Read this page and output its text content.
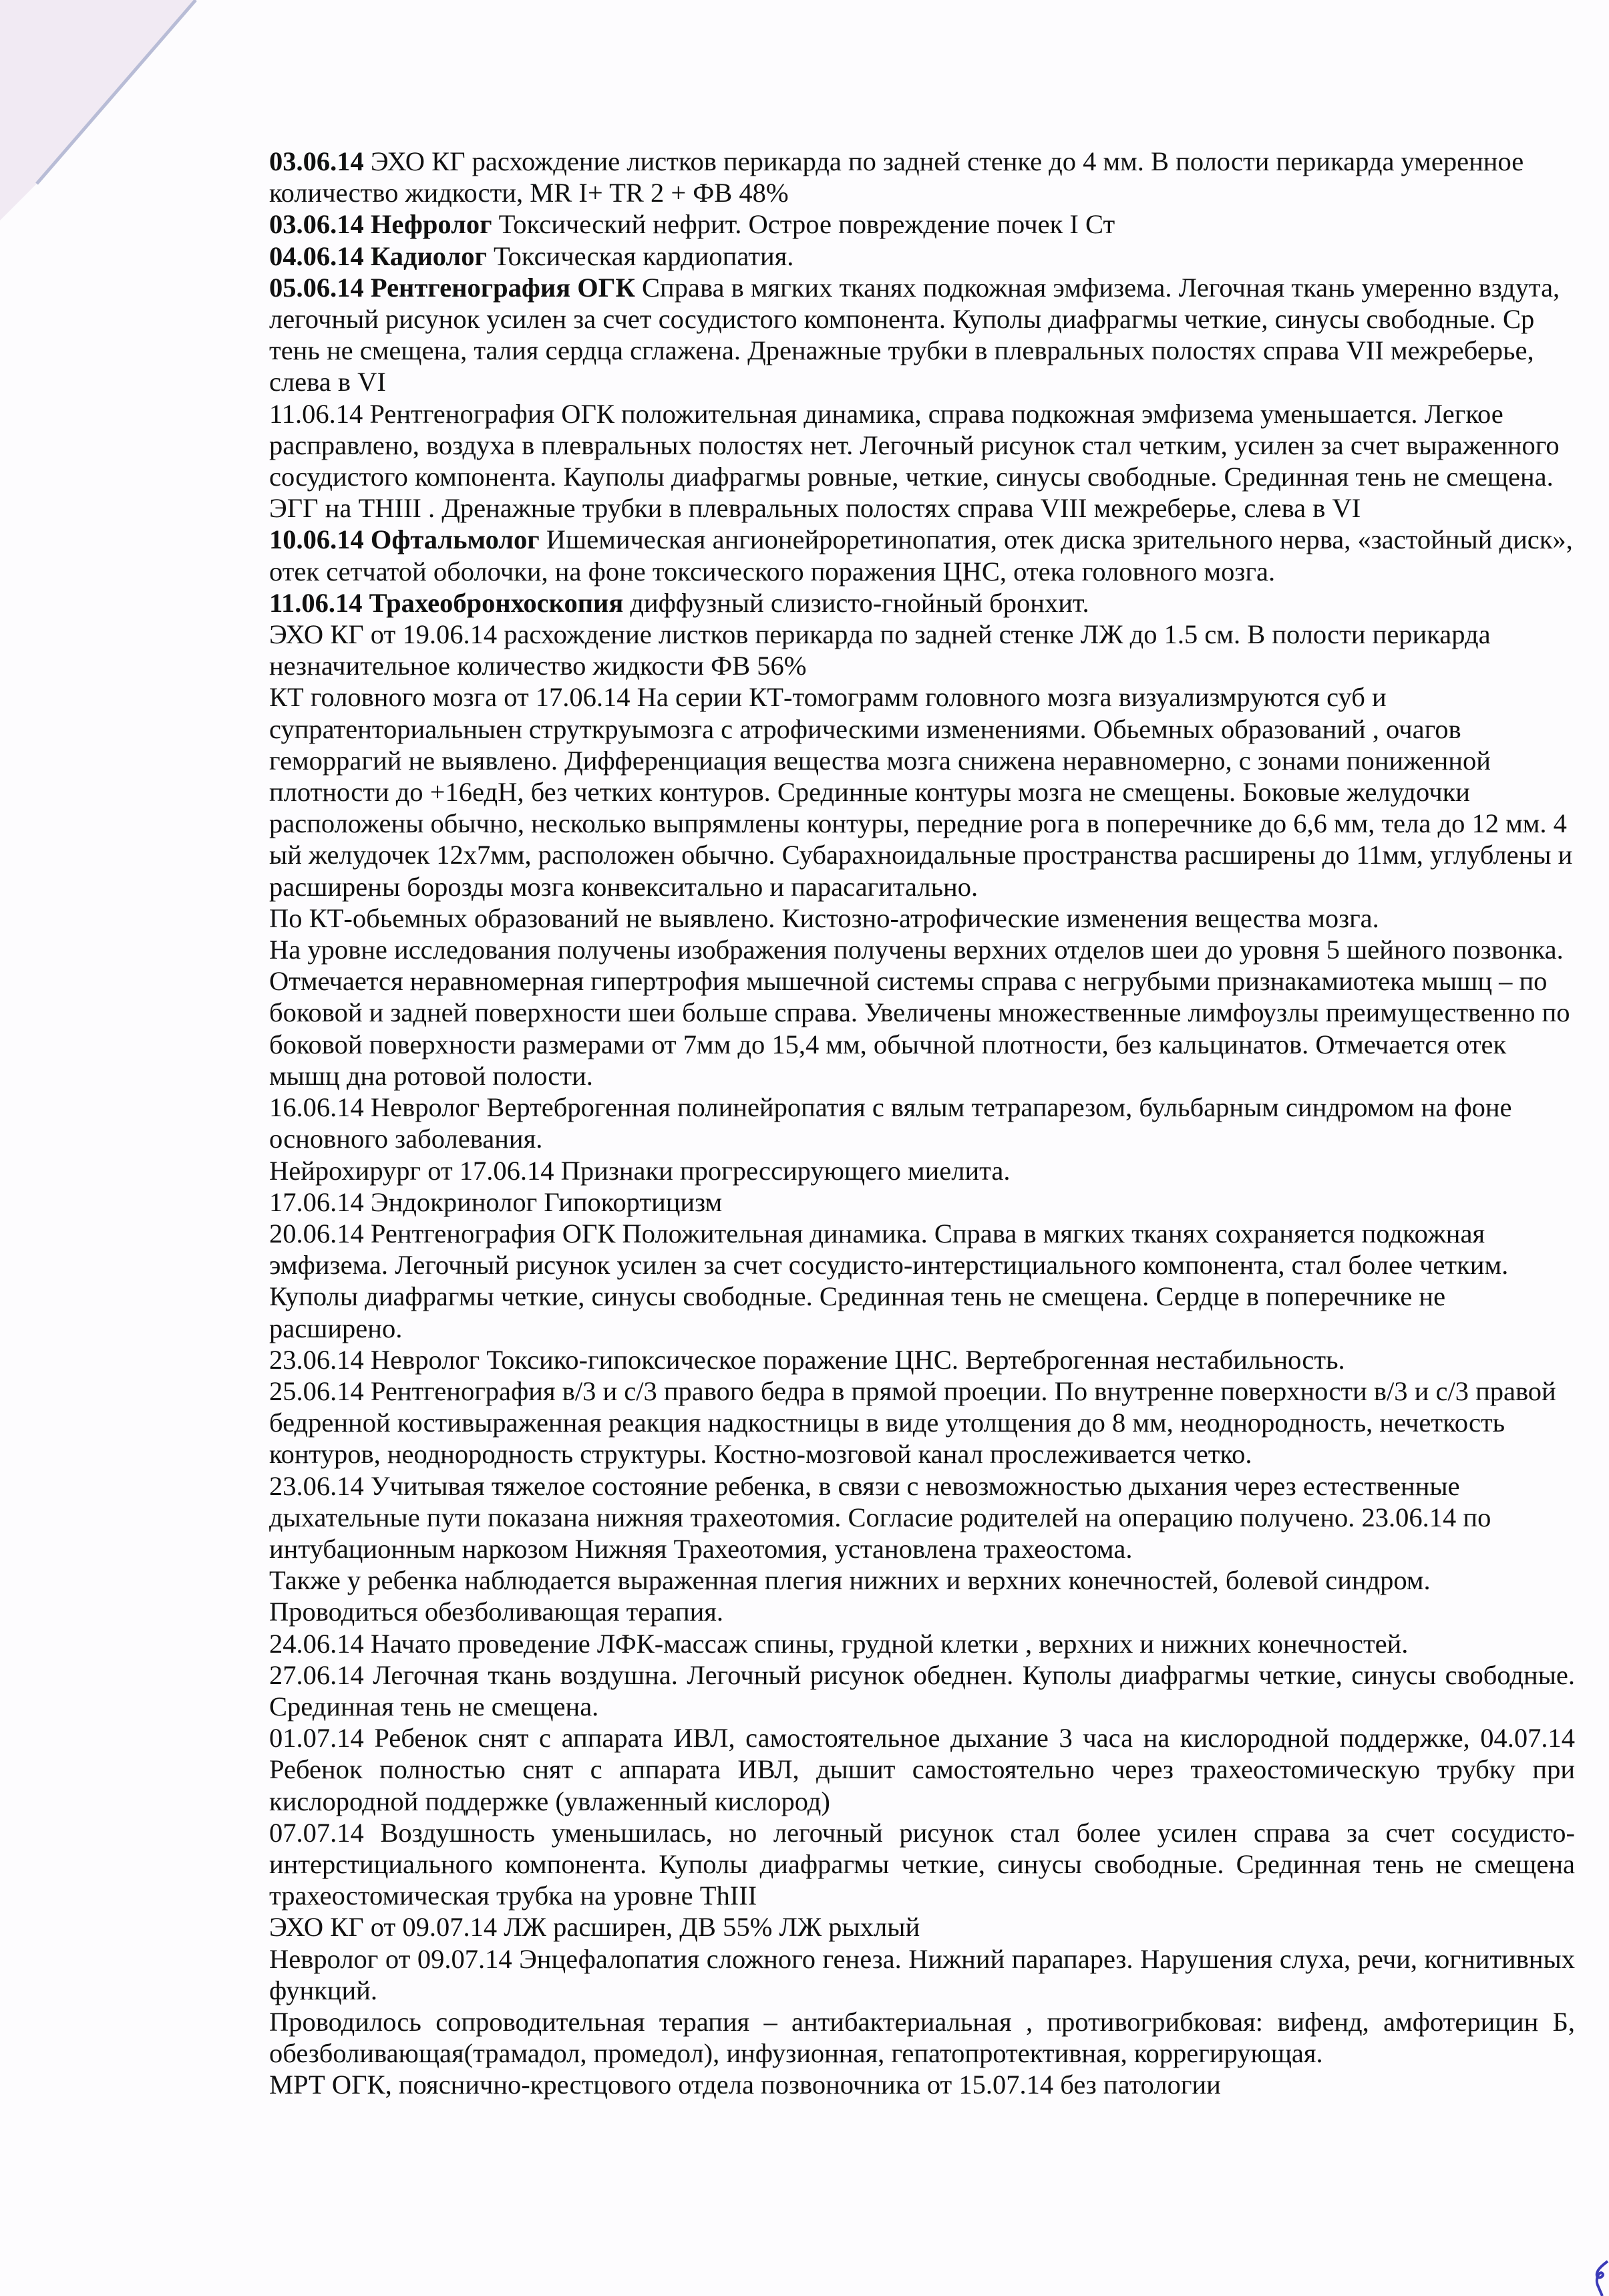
03.06.14 ЭХО КГ расхождение листков перикарда по задней стенке до 4 мм. В полости перикарда умеренное количество жидкости, MR I+ TR 2 + ФВ 48%

03.06.14 Нефролог Токсический нефрит. Острое повреждение почек I Ст

04.06.14 Кадиолог Токсическая кардиопатия.

05.06.14 Рентгенография ОГК Справа в мягких тканях подкожная эмфизема. Легочная ткань умеренно вздута, легочный рисунок усилен за счет сосудистого компонента. Куполы диафрагмы четкие, синусы свободные. Ср тень не смещена, талия сердца сглажена. Дренажные трубки в плевральных полостях справа VII межреберье, слева в VI

11.06.14 Рентгенография ОГК положительная динамика, справа подкожная эмфизема уменьшается. Легкое расправлено, воздуха в плевральных полостях нет. Легочный рисунок стал четким, усилен за счет выраженного сосудистого компонента. Кауполы диафрагмы ровные, четкие, синусы свободные. Срединная тень не смещена. ЭГГ на ТНIII . Дренажные трубки в плевральных полостях справа VIII межреберье, слева в VI

10.06.14 Офтальмолог Ишемическая ангионейроретинопатия, отек диска зрительного нерва, «застойный диск», отек сетчатой оболочки, на фоне токсического поражения ЦНС, отека головного мозга.

11.06.14 Трахеобронхоскопия диффузный слизисто-гнойный бронхит.

ЭХО КГ от 19.06.14 расхождение листков перикарда по задней стенке ЛЖ до 1.5 см. В полости перикарда незначительное количество жидкости ФВ 56%

КТ головного мозга от 17.06.14 На серии КТ-томограмм головного мозга визуализмруются суб и супратенториальныен струткруымозга с атрофическими изменениями. Обьемных образований , очагов геморрагий не выявлено. Дифференциация вещества мозга снижена неравномерно, с зонами пониженной плотности до +16едН, без четких контуров. Срединные контуры мозга не смещены. Боковые желудочки расположены обычно, несколько выпрямлены контуры, передние рога в поперечнике до 6,6 мм, тела до 12 мм. 4 ый желудочек 12х7мм, расположен обычно. Субарахноидальные пространства расширены до 11мм, углублены и расширены борозды мозга конвекситально и парасагитально.

По КТ-обьемных образований не выявлено. Кистозно-атрофические изменения вещества мозга.

На уровне исследования получены изображения получены верхних отделов шеи до уровня 5 шейного позвонка. Отмечается неравномерная гипертрофия мышечной системы справа с негрубыми признакамиотека мышц – по боковой и задней поверхности шеи больше справа. Увеличены множественные лимфоузлы преимущественно по боковой поверхности размерами от 7мм до 15,4 мм, обычной плотности, без кальцинатов. Отмечается отек мышц дна ротовой полости.

16.06.14 Невролог Вертеброгенная полинейропатия с вялым тетрапарезом, бульбарным синдромом на фоне основного заболевания.

Нейрохирург от 17.06.14 Признаки прогрессирующего миелита.

17.06.14 Эндокринолог Гипокортицизм

20.06.14 Рентгенография ОГК Положительная динамика. Справа в мягких тканях сохраняется подкожная эмфизема. Легочный рисунок усилен за счет сосудисто-интерстициального компонента, стал более четким. Куполы диафрагмы четкие, синусы свободные. Срединная тень не смещена. Сердце в поперечнике не расширено.

23.06.14 Невролог Токсико-гипоксическое поражение ЦНС. Вертеброгенная нестабильность.

25.06.14 Рентгенография в/3 и с/3 правого бедра в прямой проеции. По внутренне поверхности в/3 и с/3 правой бедренной костивыраженная реакция надкостницы в виде утолщения до 8 мм, неоднородность, нечеткость контуров, неоднородность структуры. Костно-мозговой канал прослеживается четко.

23.06.14 Учитывая тяжелое состояние ребенка, в связи с невозможностью дыхания через естественные дыхательные пути показана нижняя трахеотомия. Согласие родителей на операцию получено. 23.06.14 по интубационным наркозом Нижняя Трахеотомия, установлена трахеостома.

Также у ребенка наблюдается выраженная плегия нижних и верхних конечностей, болевой синдром.

Проводиться обезболивающая терапия.

24.06.14 Начато проведение ЛФК-массаж спины, грудной клетки , верхних и нижних конечностей.

27.06.14 Легочная ткань воздушна. Легочный рисунок обеднен. Куполы диафрагмы четкие, синусы свободные. Срединная тень не смещена.

01.07.14 Ребенок снят с аппарата ИВЛ, самостоятельное дыхание 3 часа на кислородной поддержке, 04.07.14 Ребенок полностью снят с аппарата ИВЛ, дышит самостоятельно через трахеостомическую трубку при кислородной поддержке (увлаженный кислород)

07.07.14 Воздушность уменьшилась, но легочный рисунок стал более усилен справа за счет сосудисто-интерстициального компонента. Куполы диафрагмы четкие, синусы свободные. Срединная тень не смещена трахеостомическая трубка на уровне ThIII

ЭХО КГ от 09.07.14 ЛЖ расширен, ДВ 55% ЛЖ рыхлый

Невролог от 09.07.14 Энцефалопатия сложного генеза. Нижний парапарез. Нарушения слуха, речи, когнитивных функций.

Проводилось сопроводительная терапия – антибактериальная , противогрибковая: вифенд, амфотерицин Б, обезболивающая(трамадол, промедол), инфузионная, гепатопротективная, коррегирующая.

МРТ ОГК, пояснично-крестцового отдела позвоночника от 15.07.14 без патологии
